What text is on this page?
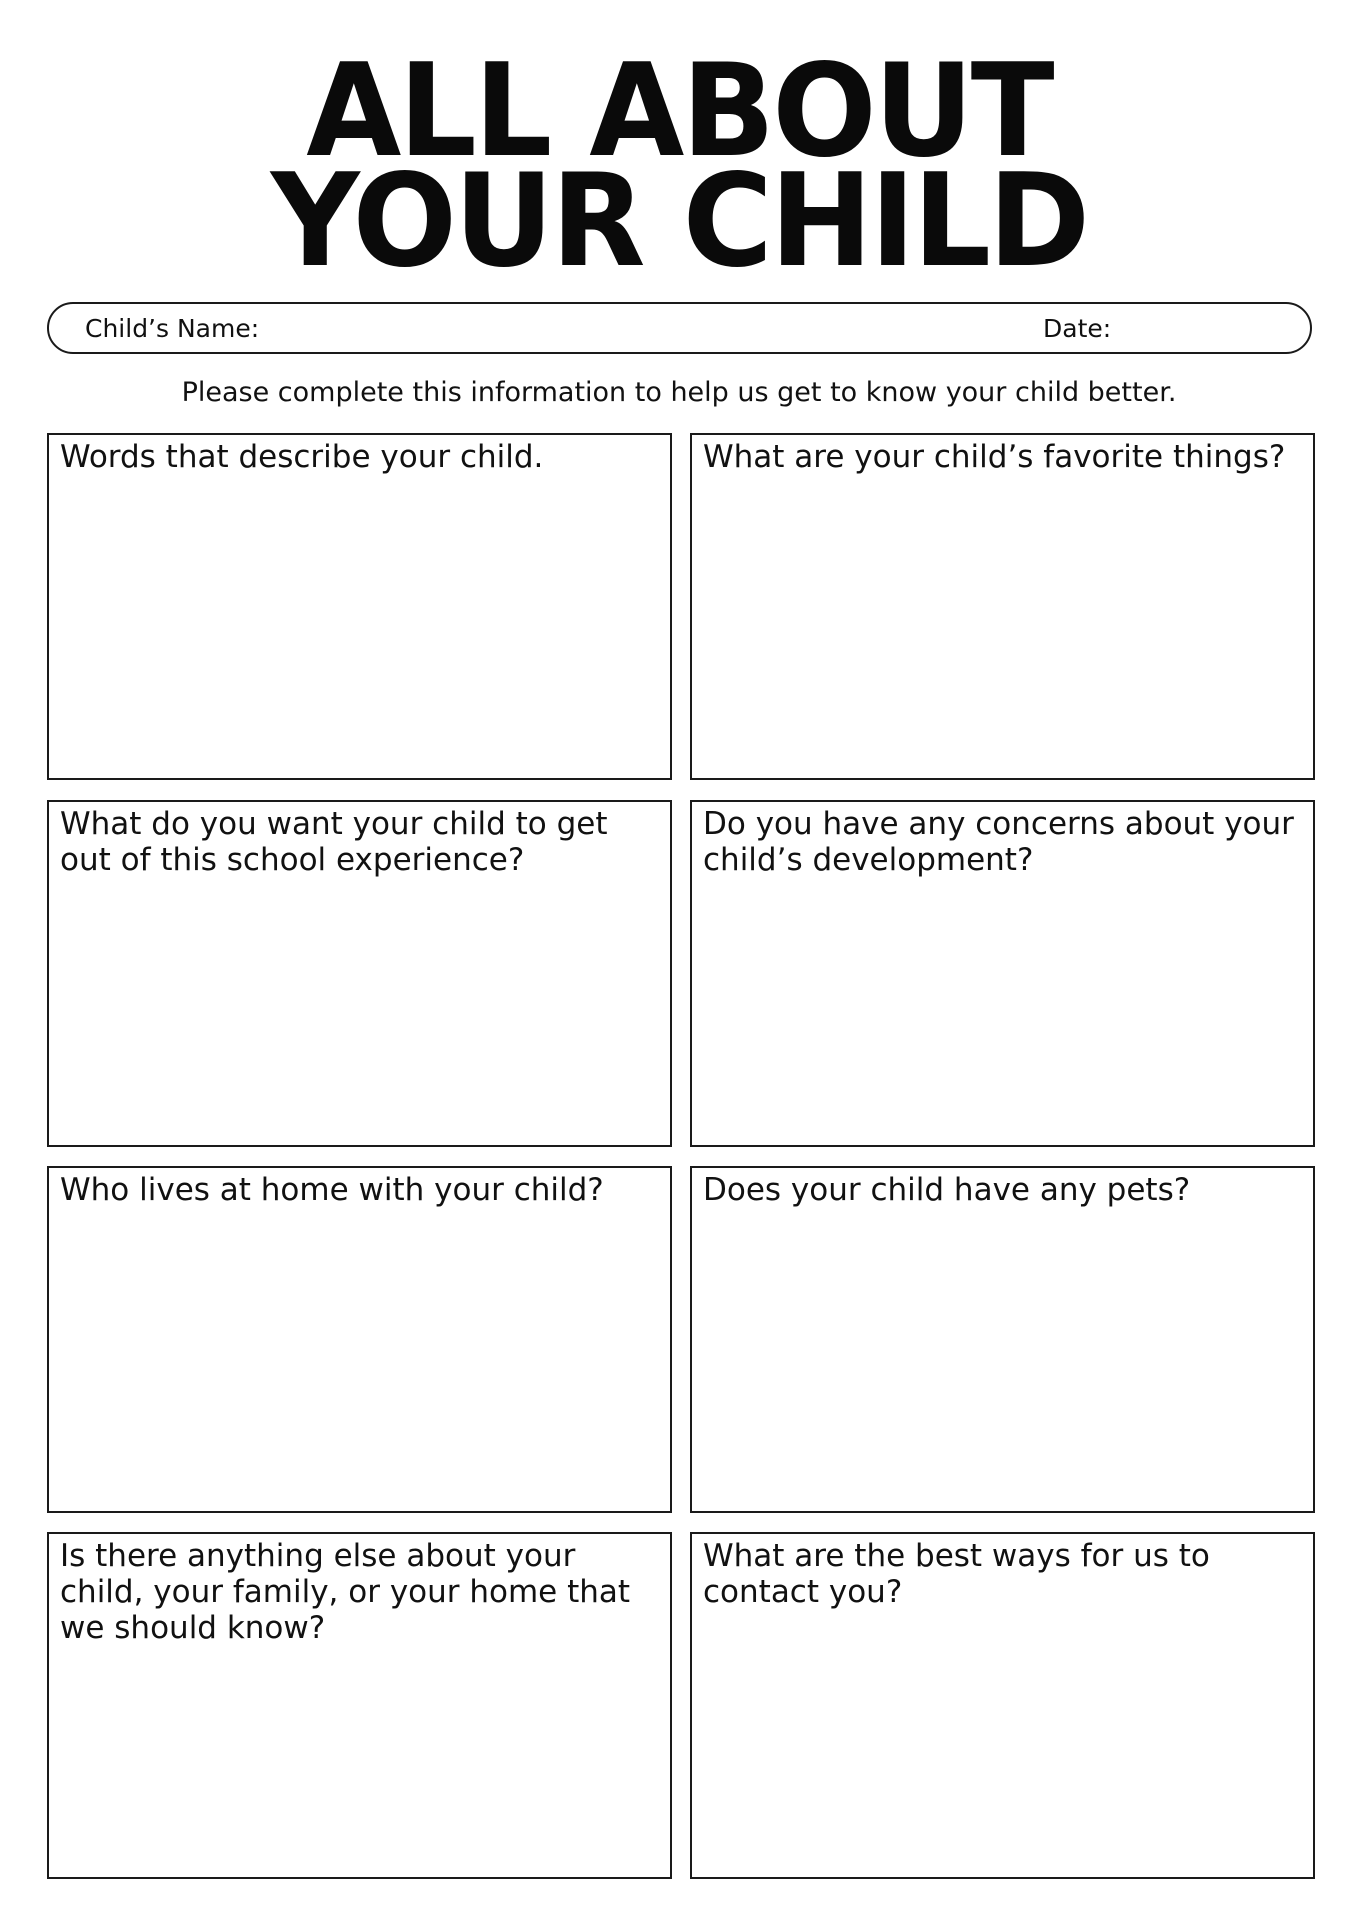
ALL ABOUT
YOUR CHILD
Child’s Name:	Date:
Please complete this information to help us get to know your child better.
Words that describe your child.	What are your child’s favorite things?
What do you want your child to get out of this school experience?
Do you have any concerns about your child’s development?
Who lives at home with your child?	Does your child have any pets?
Is there anything else about your child, your family, or your home that we should know?
What are the best ways for us to contact you?
